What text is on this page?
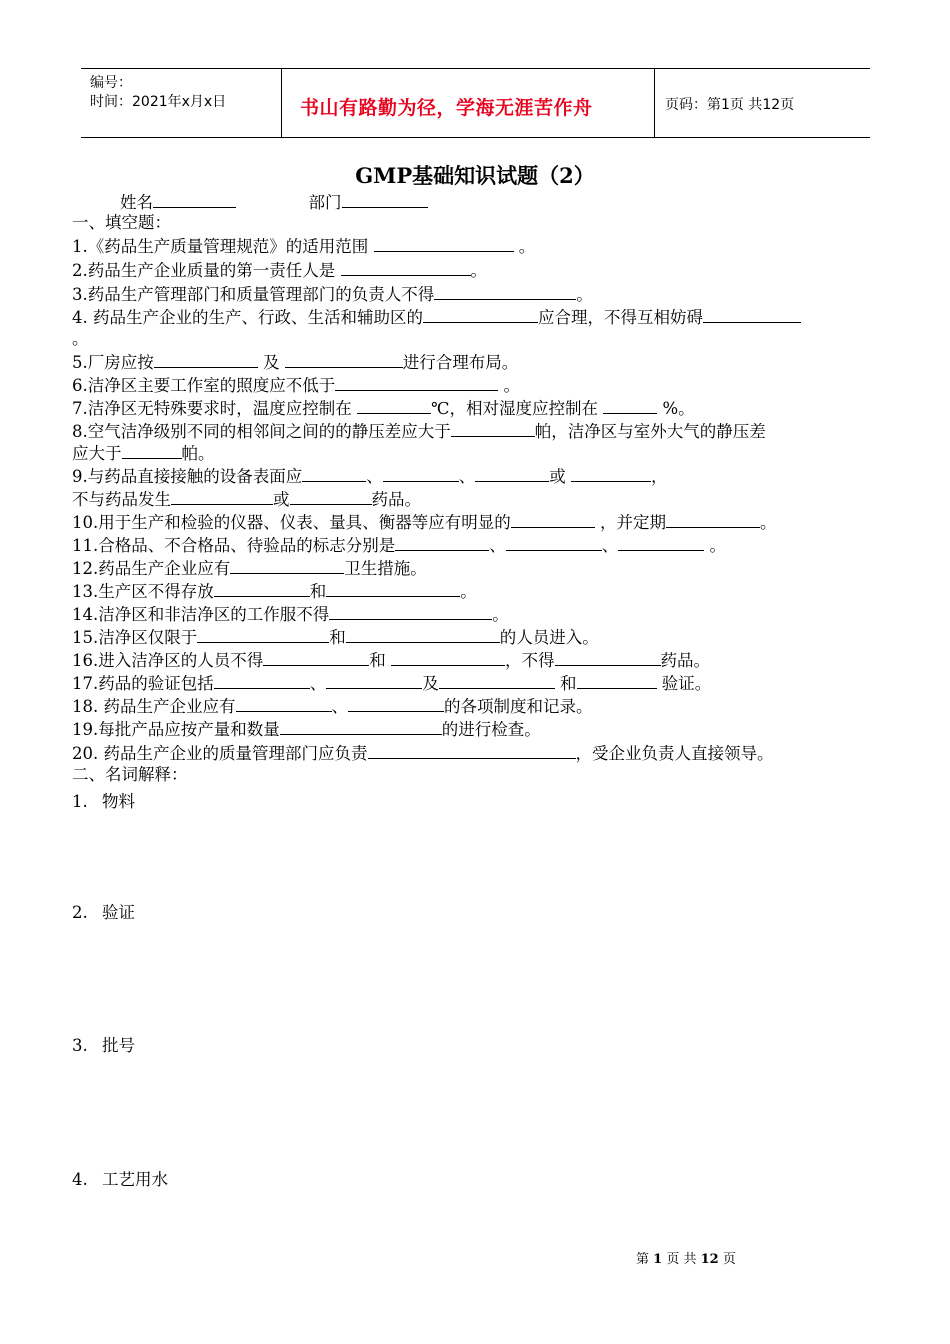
编号：
时间：2021年x月x日	书山有路勤为径，学海无涯苦作舟	页码：第1页 共12页
GMP基础知识试题（2）
姓名	部门
一、填空题：
1.《药品生产质量管理规范》的适用范围	。
2.药品生产企业质量的第一责任人是	。
3.药品生产管理部门和质量管理部门的负责人不得	。
4. 药品生产企业的生产、行政、生活和辅助区的	应合理，不得互相妨碍
。
5.厂房应按	及	进行合理布局。
6.洁净区主要工作室的照度应不低于	。
7.洁净区无特殊要求时，温度应控制在	℃，相对湿度应控制在	%。
8.空气洁净级别不同的相邻间之间的的静压差应大于	帕，洁净区与室外大气的静压差
应大于	帕。
9.与药品直接接触的设备表面应	、	、	或	，
不与药品发生	或	药品。
10.用于生产和检验的仪器、仪表、量具、衡器等应有明显的	，并定期	。
11.合格品、不合格品、待验品的标志分别是	、	、	。
12.药品生产企业应有	卫生措施。
13.生产区不得存放	和	。
14.洁净区和非洁净区的工作服不得	。
15.洁净区仅限于	和	的人员进入。
16.进入洁净区的人员不得	和	，不得	药品。
17.药品的验证包括	、	及	和	验证。
18. 药品生产企业应有	、	的各项制度和记录。
19.每批产品应按产量和数量	的进行检查。
20. 药品生产企业的质量管理部门应负责	，受企业负责人直接领导。
二、名词解释：
1. 物料
2. 验证
3. 批号
4. 工艺用水
第 1 页 共 12 页
